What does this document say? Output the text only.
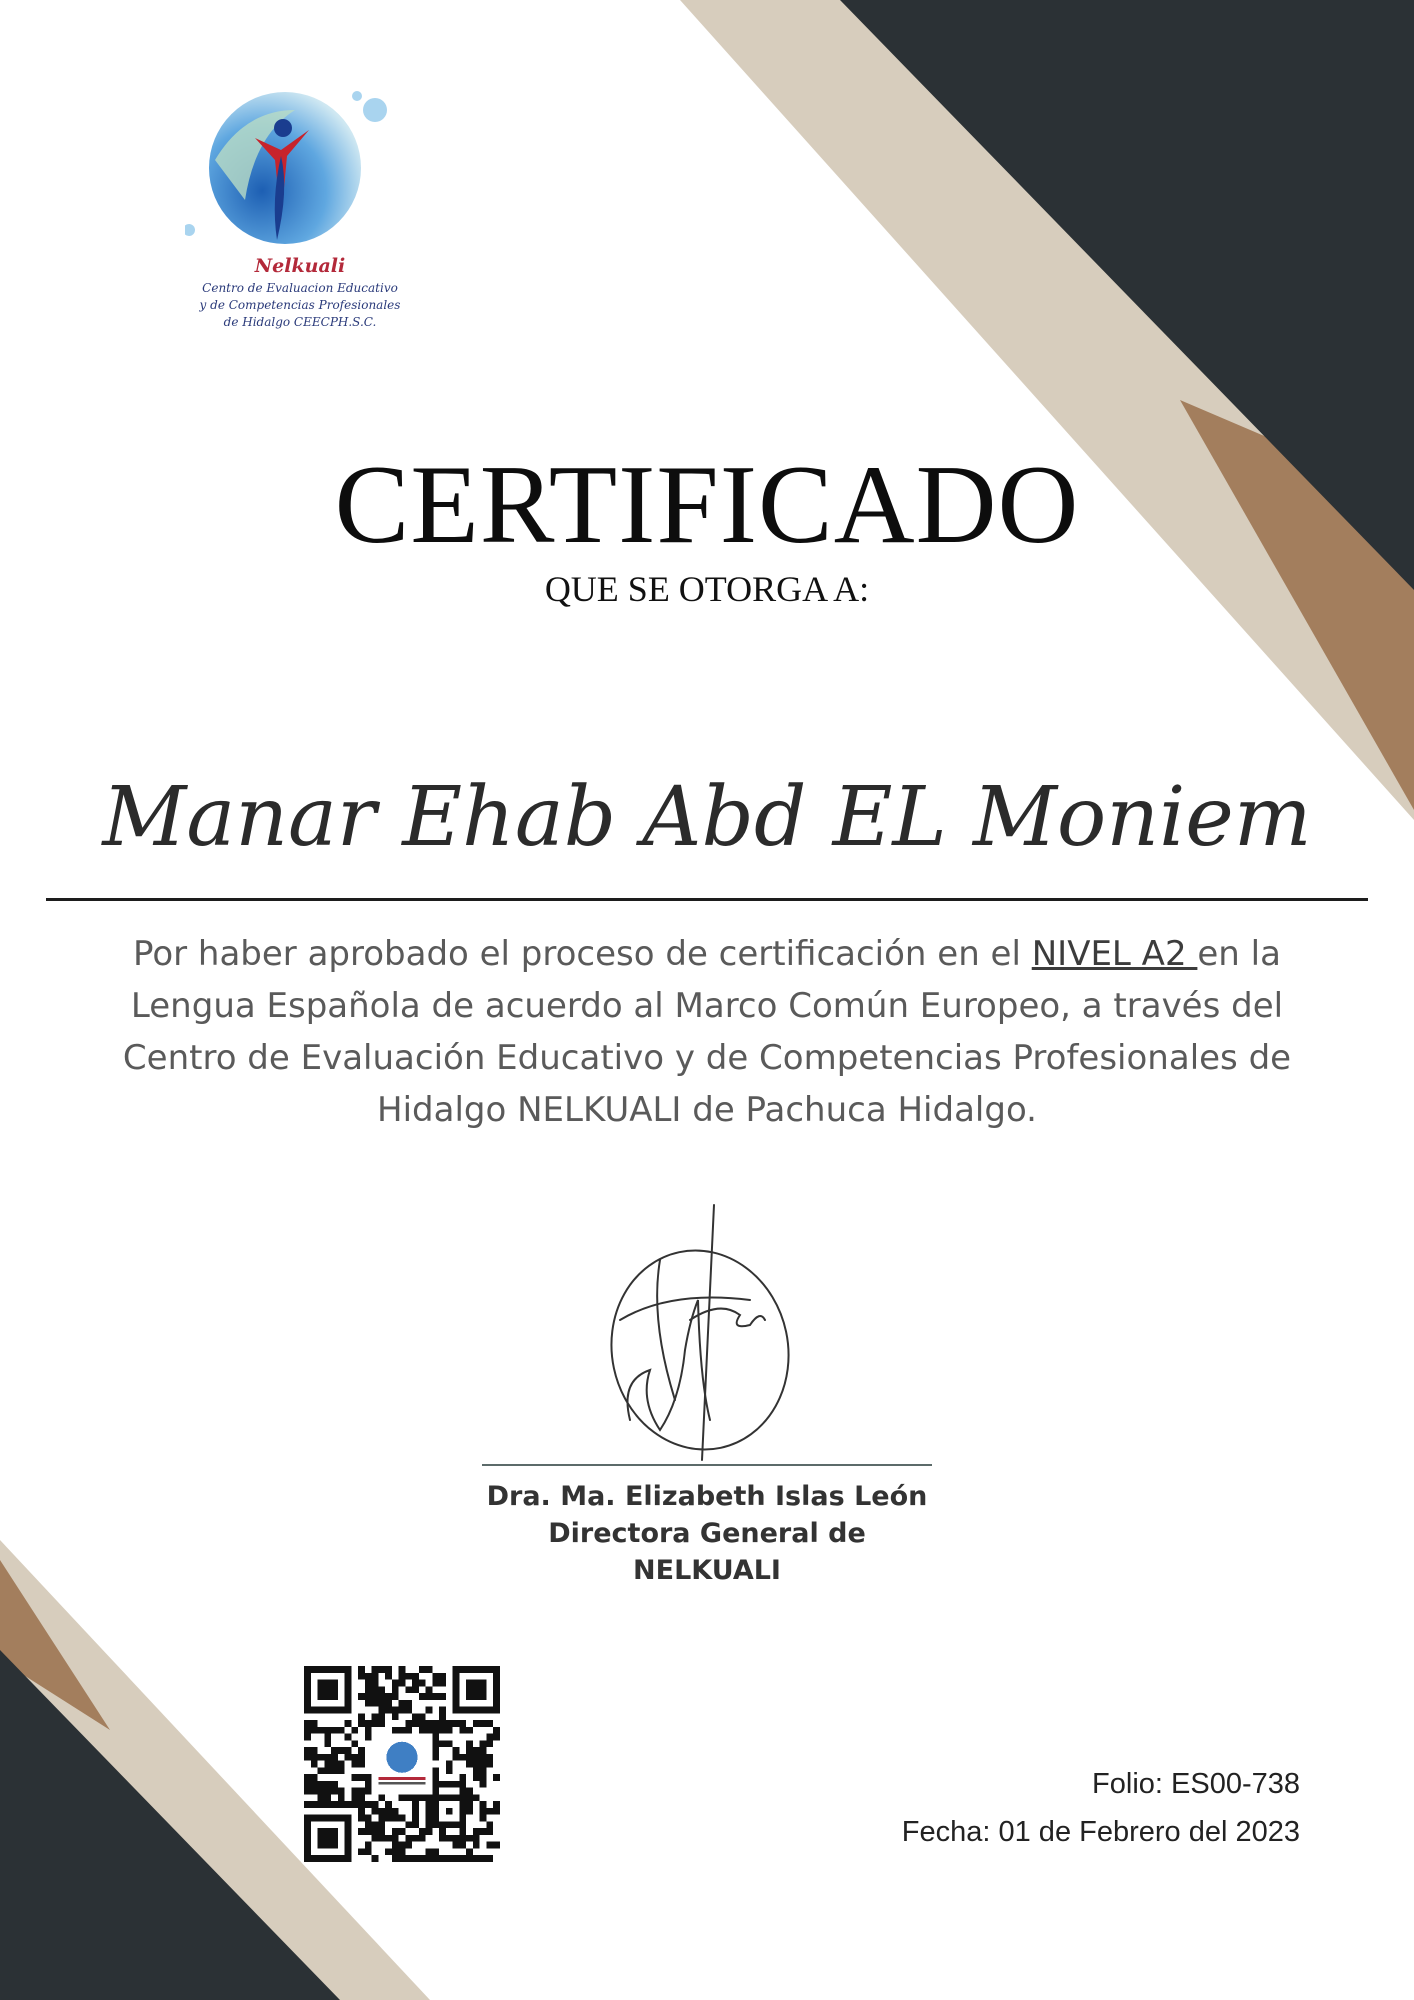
Nelkuali
Centro de Evaluacion Educativo
y de Competencias Profesionales
de Hidalgo CEECPH.S.C.
CERTIFICADO
QUE SE OTORGA A:
Manar Ehab Abd EL Moniem
Por haber aprobado el proceso de certificación en el NIVEL A2 en la Lengua Española de acuerdo al Marco Común Europeo, a través del Centro de Evaluación Educativo y de Competencias Profesionales de Hidalgo NELKUALI de Pachuca Hidalgo.
Dra. Ma. Elizabeth Islas León
Directora General de
NELKUALI
Folio: ES00-738
Fecha: 01 de Febrero del 2023
